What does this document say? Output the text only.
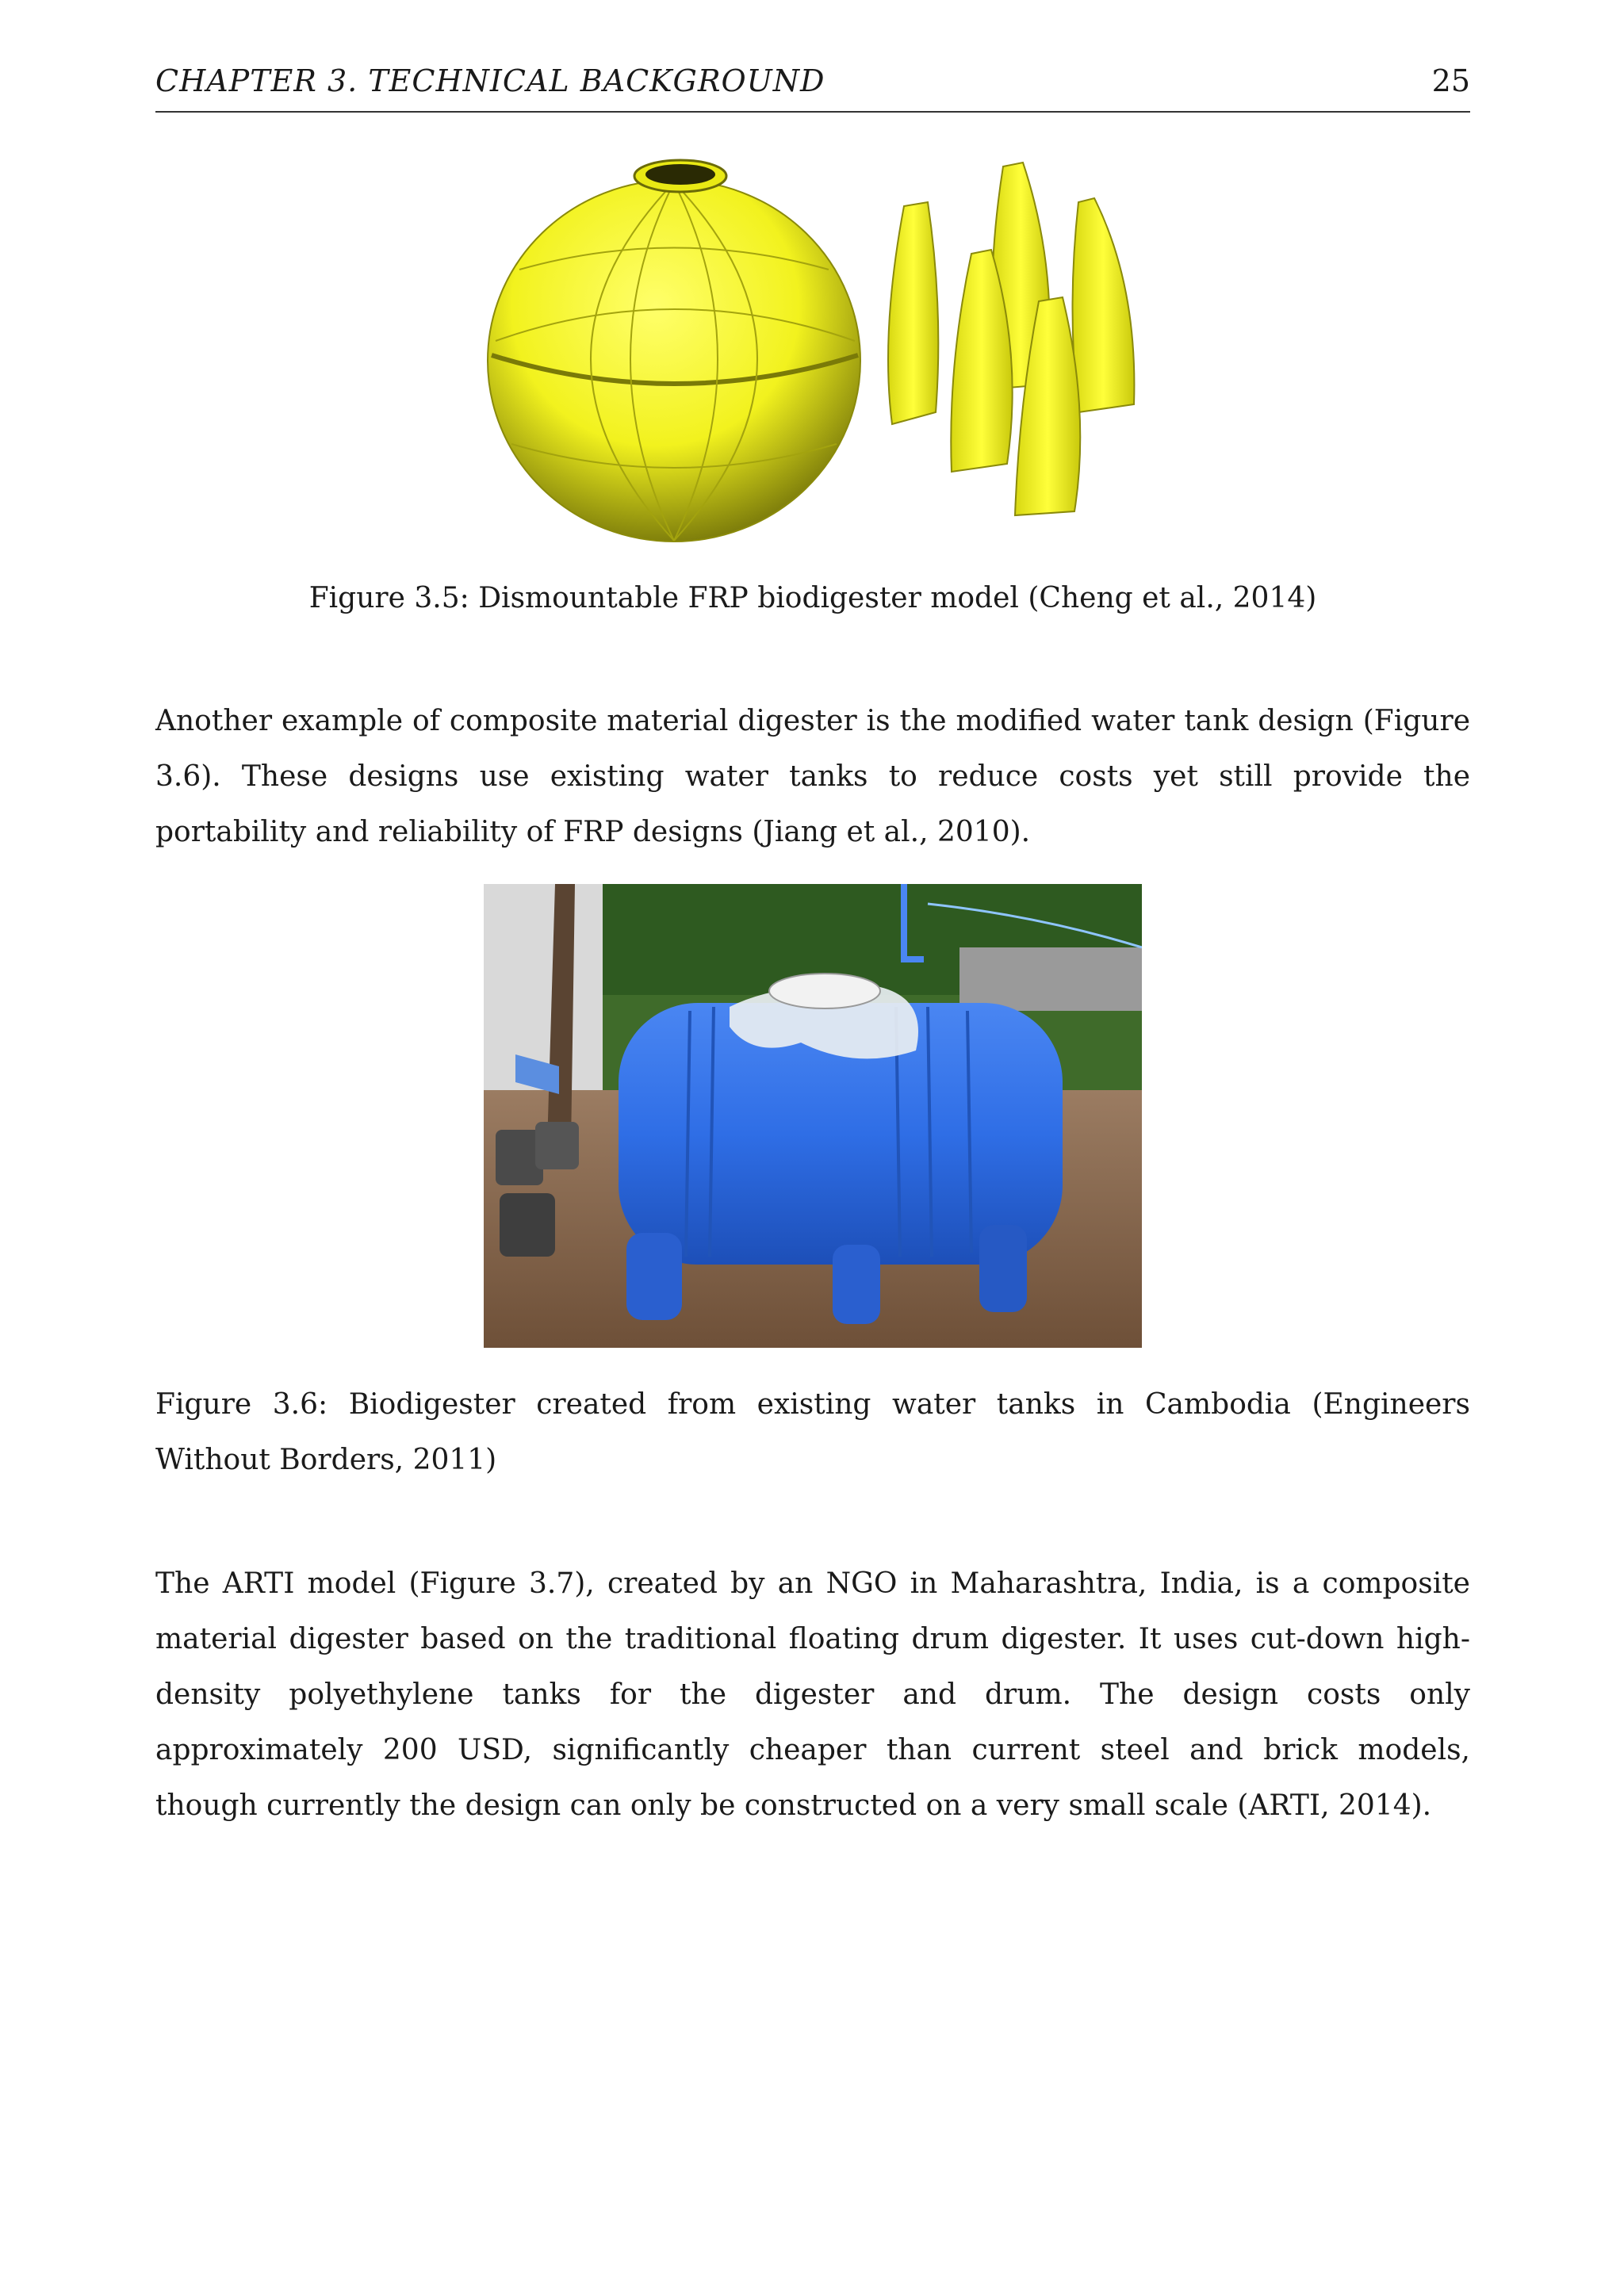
CHAPTER 3. TECHNICAL BACKGROUND	25
Figure 3.5: Dismountable FRP biodigester model (Cheng et al., 2014)

Another example of composite material digester is the modified water tank design (Figure 3.6). These designs use existing water tanks to reduce costs yet still provide the portability and reliability of FRP designs (Jiang et al., 2010).

Figure 3.6: Biodigester created from existing water tanks in Cambodia (Engineers Without Borders, 2011)

The ARTI model (Figure 3.7), created by an NGO in Maharashtra, India, is a composite material digester based on the traditional floating drum digester. It uses cut-down high-density polyethylene tanks for the digester and drum. The design costs only approximately 200 USD, significantly cheaper than current steel and brick models, though currently the design can only be constructed on a very small scale (ARTI, 2014).
